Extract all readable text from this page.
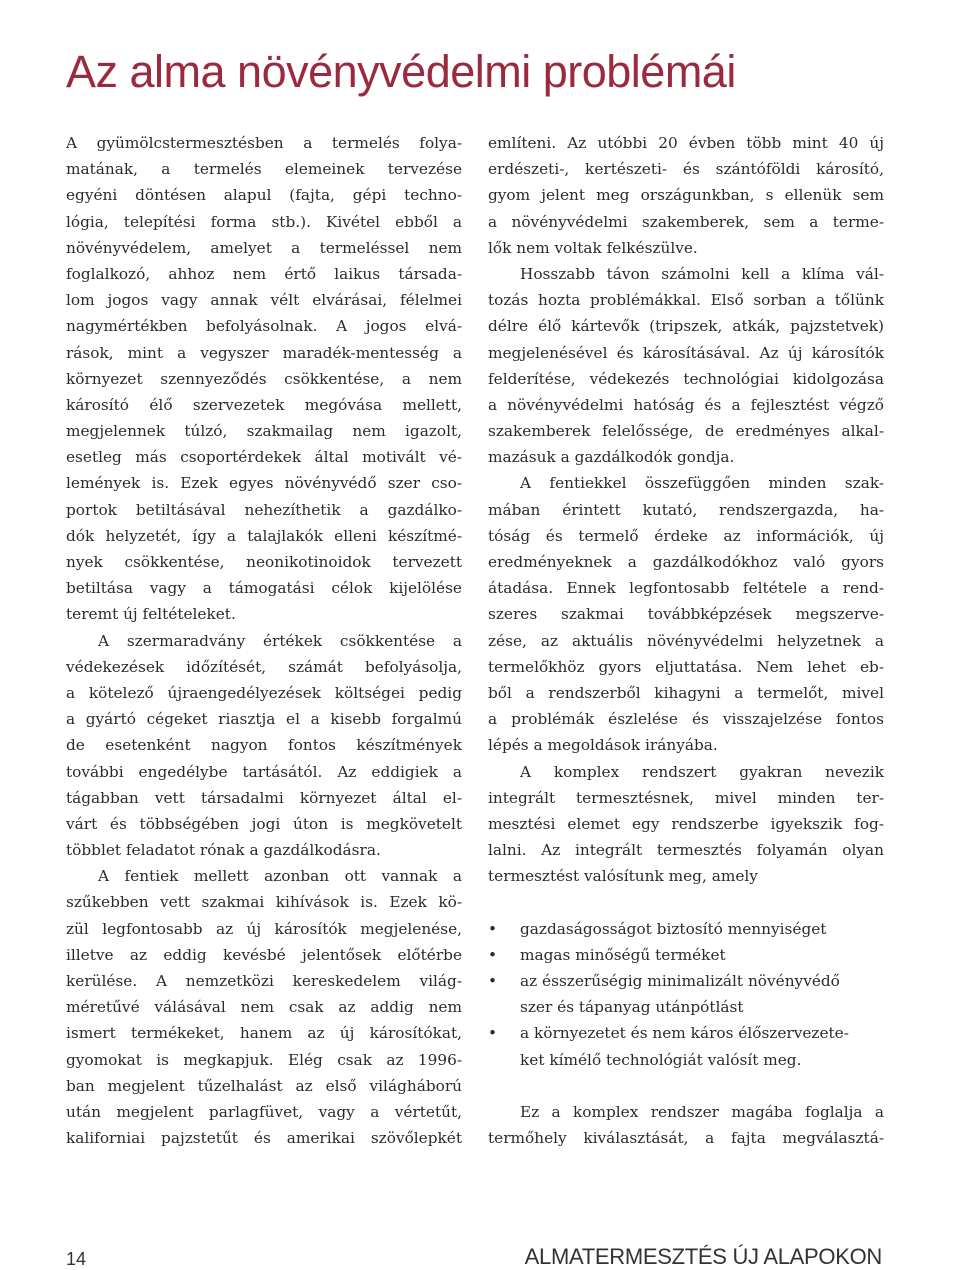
Az alma növényvédelmi problémái
A gyümölcstermesztésben a termelés folya-
matának, a termelés elemeinek tervezése
egyéni döntésen alapul (fajta, gépi techno-
lógia, telepítési forma stb.). Kivétel ebből a
növényvédelem, amelyet a termeléssel nem
foglalkozó, ahhoz nem értő laikus társada-
lom jogos vagy annak vélt elvárásai, félelmei
nagymértékben befolyásolnak. A jogos elvá-
rások, mint a vegyszer maradék-mentesség a
környezet szennyeződés csökkentése, a nem
károsító élő szervezetek megóvása mellett,
megjelennek túlzó, szakmailag nem igazolt,
esetleg más csoportérdekek által motivált vé-
lemények is. Ezek egyes növényvédő szer cso-
portok betiltásával nehezíthetik a gazdálko-
dók helyzetét, így a talajlakók elleni készítmé-
nyek csökkentése, neonikotinoidok tervezett
betiltása vagy a támogatási célok kijelölése
teremt új feltételeket.
A szermaradvány értékek csökkentése a
védekezések időzítését, számát befolyásolja,
a kötelező újraengedélyezések költségei pedig
a gyártó cégeket riasztja el a kisebb forgalmú
de esetenként nagyon fontos készítmények
további engedélybe tartásától. Az eddigiek a
tágabban vett társadalmi környezet által el-
várt és többségében jogi úton is megkövetelt
többlet feladatot rónak a gazdálkodásra.
A fentiek mellett azonban ott vannak a
szűkebben vett szakmai kihívások is. Ezek kö-
zül legfontosabb az új károsítók megjelenése,
illetve az eddig kevésbé jelentősek előtérbe
kerülése. A nemzetközi kereskedelem világ-
méretűvé válásával nem csak az addig nem
ismert termékeket, hanem az új károsítókat,
gyomokat is megkapjuk. Elég csak az 1996-
ban megjelent tűzelhalást az első világháború
után megjelent parlagfüvet, vagy a vértetűt,
kaliforniai pajzstetűt és amerikai szövőlepkét
említeni. Az utóbbi 20 évben több mint 40 új
erdészeti-, kertészeti- és szántóföldi károsító,
gyom jelent meg országunkban, s ellenük sem
a növényvédelmi szakemberek, sem a terme-
lők nem voltak felkészülve.
Hosszabb távon számolni kell a klíma vál-
tozás hozta problémákkal. Első sorban a tőlünk
délre élő kártevők (tripszek, atkák, pajzstetvek)
megjelenésével és károsításával. Az új károsítók
felderítése, védekezés technológiai kidolgozása
a növényvédelmi hatóság és a fejlesztést végző
szakemberek felelőssége, de eredményes alkal-
mazásuk a gazdálkodók gondja.
A fentiekkel összefüggően minden szak-
mában érintett kutató, rendszergazda, ha-
tóság és termelő érdeke az információk, új
eredményeknek a gazdálkodókhoz való gyors
átadása. Ennek legfontosabb feltétele a rend-
szeres szakmai továbbképzések megszerve-
zése, az aktuális növényvédelmi helyzetnek a
termelőkhöz gyors eljuttatása. Nem lehet eb-
ből a rendszerből kihagyni a termelőt, mivel
a problémák észlelése és visszajelzése fontos
lépés a megoldások irányába.
A komplex rendszert gyakran nevezik
integrált termesztésnek, mivel minden ter-
mesztési elemet egy rendszerbe igyekszik fog-
lalni. Az integrált termesztés folyamán olyan
termesztést valósítunk meg, amely
• gazdaságosságot biztosító mennyiséget
• magas minőségű terméket
• az ésszerűségig minimalizált növényvédő
szer és tápanyag utánpótlást
• a környezetet és nem káros élőszervezete-
ket kímélő technológiát valósít meg.
Ez a komplex rendszer magába foglalja a
termőhely kiválasztását, a fajta megválasztá-
14	ALMATERMESZTÉS ÚJ ALAPOKON
